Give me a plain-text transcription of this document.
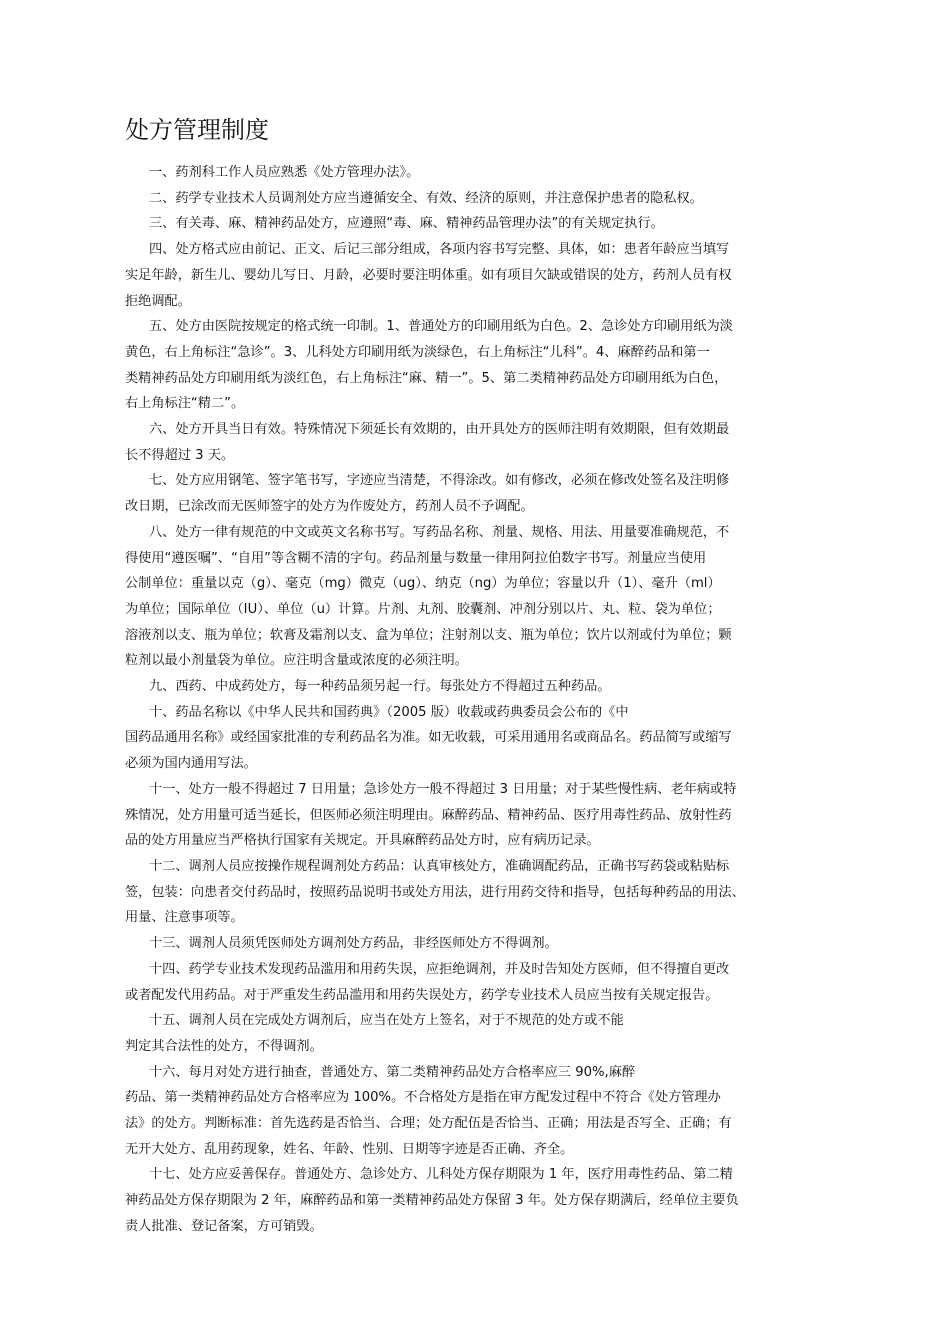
处方管理制度
一、药剂科工作人员应熟悉《处方管理办法》。
二、药学专业技术人员调剂处方应当遵循安全、有效、经济的原则，并注意保护患者的隐私权。
三、有关毒、麻、精神药品处方，应遵照“毒、麻、精神药品管理办法”的有关规定执行。
四、处方格式应由前记、正文、后记三部分组成，各项内容书写完整、具体，如：患者年龄应当填写
实足年龄，新生儿、婴幼儿写日、月龄，必要时要注明体重。如有项目欠缺或错误的处方，药剂人员有权
拒绝调配。
五、处方由医院按规定的格式统一印制。1、普通处方的印刷用纸为白色。2、急诊处方印刷用纸为淡
黄色，右上角标注“急诊”。3、儿科处方印刷用纸为淡绿色，右上角标注“儿科”。4、麻醉药品和第一
类精神药品处方印刷用纸为淡红色，右上角标注“麻、精一”。5、第二类精神药品处方印刷用纸为白色，
右上角标注“精二”。
六、处方开具当日有效。特殊情况下须延长有效期的，由开具处方的医师注明有效期限，但有效期最
长不得超过 3 天。
七、处方应用钢笔、签字笔书写，字迹应当清楚，不得涂改。如有修改，必须在修改处签名及注明修
改日期，已涂改而无医师签字的处方为作废处方，药剂人员不予调配。
八、处方一律有规范的中文或英文名称书写。写药品名称、剂量、规格、用法、用量要准确规范，不
得使用“遵医嘱”、“自用”等含糊不清的字句。药品剂量与数量一律用阿拉伯数字书写。剂量应当使用
公制单位：重量以克（g）、毫克（mg）微克（ug）、纳克（ng）为单位；容量以升（1）、毫升（ml）
为单位；国际单位（IU）、单位（u）计算。片剂、丸剂、胶囊剂、冲剂分别以片、丸、粒、袋为单位；
溶液剂以支、瓶为单位；软膏及霜剂以支、盒为单位；注射剂以支、瓶为单位；饮片以剂或付为单位；颗
粒剂以最小剂量袋为单位。应注明含量或浓度的必须注明。
九、西药、中成药处方，每一种药品须另起一行。每张处方不得超过五种药品。
十、药品名称以《中华人民共和国药典》（2005 版）收载或药典委员会公布的《中
国药品通用名称》或经国家批准的专利药品名为准。如无收载，可采用通用名或商品名。药品简写或缩写
必须为国内通用写法。
十一、处方一般不得超过 7 日用量；急诊处方一般不得超过 3 日用量；对于某些慢性病、老年病或特
殊情况，处方用量可适当延长，但医师必须注明理由。麻醉药品、精神药品、医疗用毒性药品、放射性药
品的处方用量应当严格执行国家有关规定。开具麻醉药品处方时，应有病历记录。
十二、调剂人员应按操作规程调剂处方药品：认真审核处方，准确调配药品，正确书写药袋或粘贴标
签，包装：向患者交付药品时，按照药品说明书或处方用法，进行用药交待和指导，包括每种药品的用法、
用量、注意事项等。
十三、调剂人员须凭医师处方调剂处方药品，非经医师处方不得调剂。
十四、药学专业技术发现药品滥用和用药失误，应拒绝调剂，并及时告知处方医师，但不得擅自更改
或者配发代用药品。对于严重发生药品滥用和用药失误处方，药学专业技术人员应当按有关规定报告。
十五、调剂人员在完成处方调剂后，应当在处方上签名，对于不规范的处方或不能
判定其合法性的处方，不得调剂。
十六、每月对处方进行抽查，普通处方、第二类精神药品处方合格率应三 90%,麻醉
药品、第一类精神药品处方合格率应为 100%。不合格处方是指在审方配发过程中不符合《处方管理办
法》的处方。判断标准：首先选药是否恰当、合理；处方配伍是否恰当、正确；用法是否写全、正确；有
无开大处方、乱用药现象，姓名、年龄、性别、日期等字迹是否正确、齐全。
十七、处方应妥善保存。普通处方、急诊处方、儿科处方保存期限为 1 年，医疗用毒性药品、第二精
神药品处方保存期限为 2 年，麻醉药品和第一类精神药品处方保留 3 年。处方保存期满后，经单位主要负
责人批准、登记备案，方可销毁。
